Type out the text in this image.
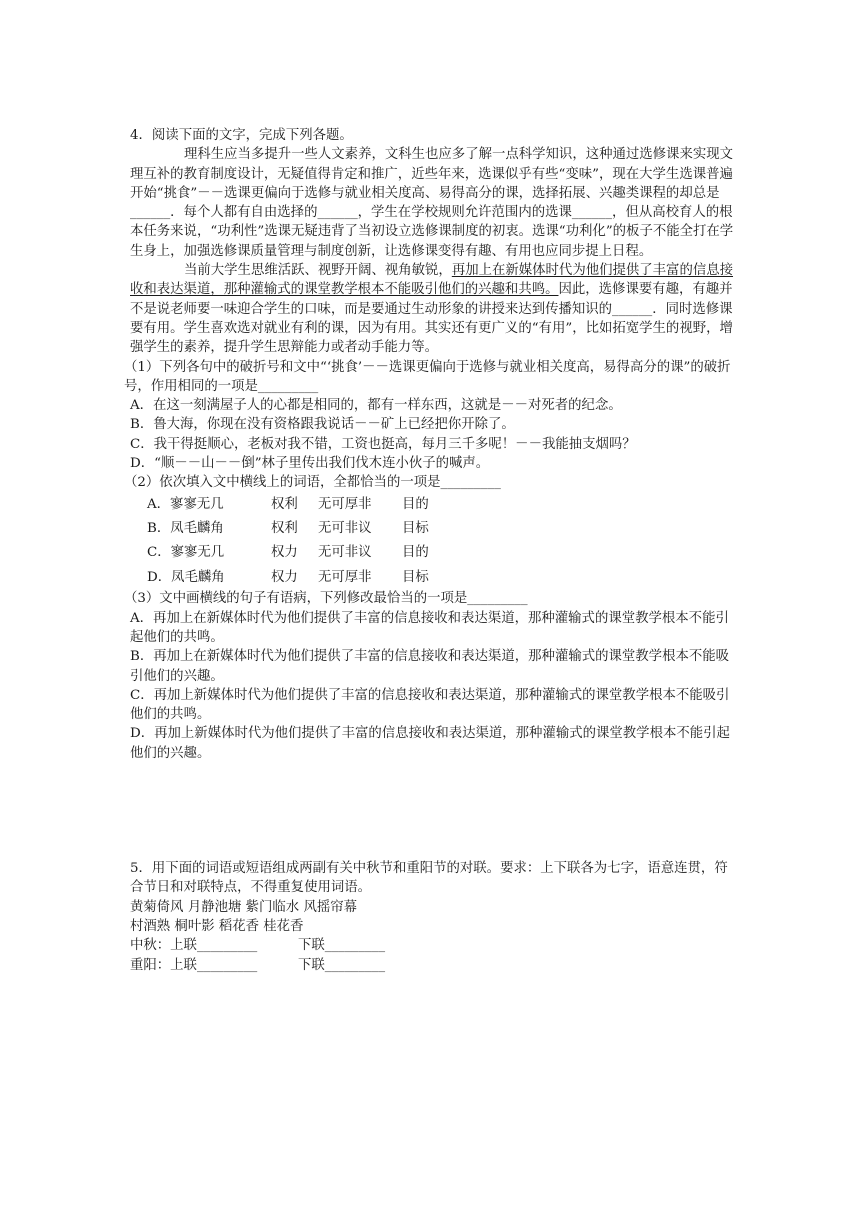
4．阅读下面的文字，完成下列各题。

理科生应当多提升一些人文素养，文科生也应多了解一点科学知识，这种通过选修课来实现文理互补的教育制度设计，无疑值得肯定和推广，近些年来，选课似乎有些“变味”，现在大学生选课普遍开始“挑食”－－选课更偏向于选修与就业相关度高、易得高分的课，选择拓展、兴趣类课程的却总是______．每个人都有自由选择的______，学生在学校规则允许范围内的选课______，但从高校育人的根本任务来说，“功利性”选课无疑违背了当初设立选修课制度的初衷。选课“功利化”的板子不能全打在学生身上，加强选修课质量管理与制度创新，让选修课变得有趣、有用也应同步提上日程。

当前大学生思维活跃、视野开阔、视角敏锐，再加上在新媒体时代为他们提供了丰富的信息接收和表达渠道，那种灌输式的课堂教学根本不能吸引他们的兴趣和共鸣。因此，选修课要有趣，有趣并不是说老师要一味迎合学生的口味，而是要通过生动形象的讲授来达到传播知识的______．同时选修课要有用。学生喜欢选对就业有利的课，因为有用。其实还有更广义的“有用”，比如拓宽学生的视野，增强学生的素养，提升学生思辩能力或者动手能力等。

（1）下列各句中的破折号和文中“‘挑食’－－选课更偏向于选修与就业相关度高，易得高分的课”的破折号，作用相同的一项是_________

A．在这一刻满屋子人的心都是相同的，都有一样东西，这就是－－对死者的纪念。

B．鲁大海，你现在没有资格跟我说话－－矿上已经把你开除了。

C．我干得挺顺心，老板对我不错，工资也挺高，每月三千多呢！－－我能抽支烟吗？

D．“顺－－山－－倒”林子里传出我们伐木连小伙子的喊声。

（2）依次填入文中横线上的词语，全都恰当的一项是_________

A．寥寥无几	权利	无可厚非	目的
B．凤毛麟角	权利	无可非议	目标
C．寥寥无几	权力	无可非议	目的
D．凤毛麟角	权力	无可厚非	目标

（3）文中画横线的句子有语病，下列修改最恰当的一项是_________

A．再加上在新媒体时代为他们提供了丰富的信息接收和表达渠道，那种灌输式的课堂教学根本不能引起他们的共鸣。

B．再加上在新媒体时代为他们提供了丰富的信息接收和表达渠道，那种灌输式的课堂教学根本不能吸引他们的兴趣。

C．再加上新媒体时代为他们提供了丰富的信息接收和表达渠道，那种灌输式的课堂教学根本不能吸引他们的共鸣。

D．再加上新媒体时代为他们提供了丰富的信息接收和表达渠道，那种灌输式的课堂教学根本不能引起他们的兴趣。

5．用下面的词语或短语组成两副有关中秋节和重阳节的对联。要求：上下联各为七字，语意连贯，符合节日和对联特点，不得重复使用词语。

黄菊倚风 月静池塘 紫门临水 风摇帘幕

村酒熟 桐叶影 稻花香 桂花香

中秋：上联_________	下联_________

重阳：上联_________	下联_________
